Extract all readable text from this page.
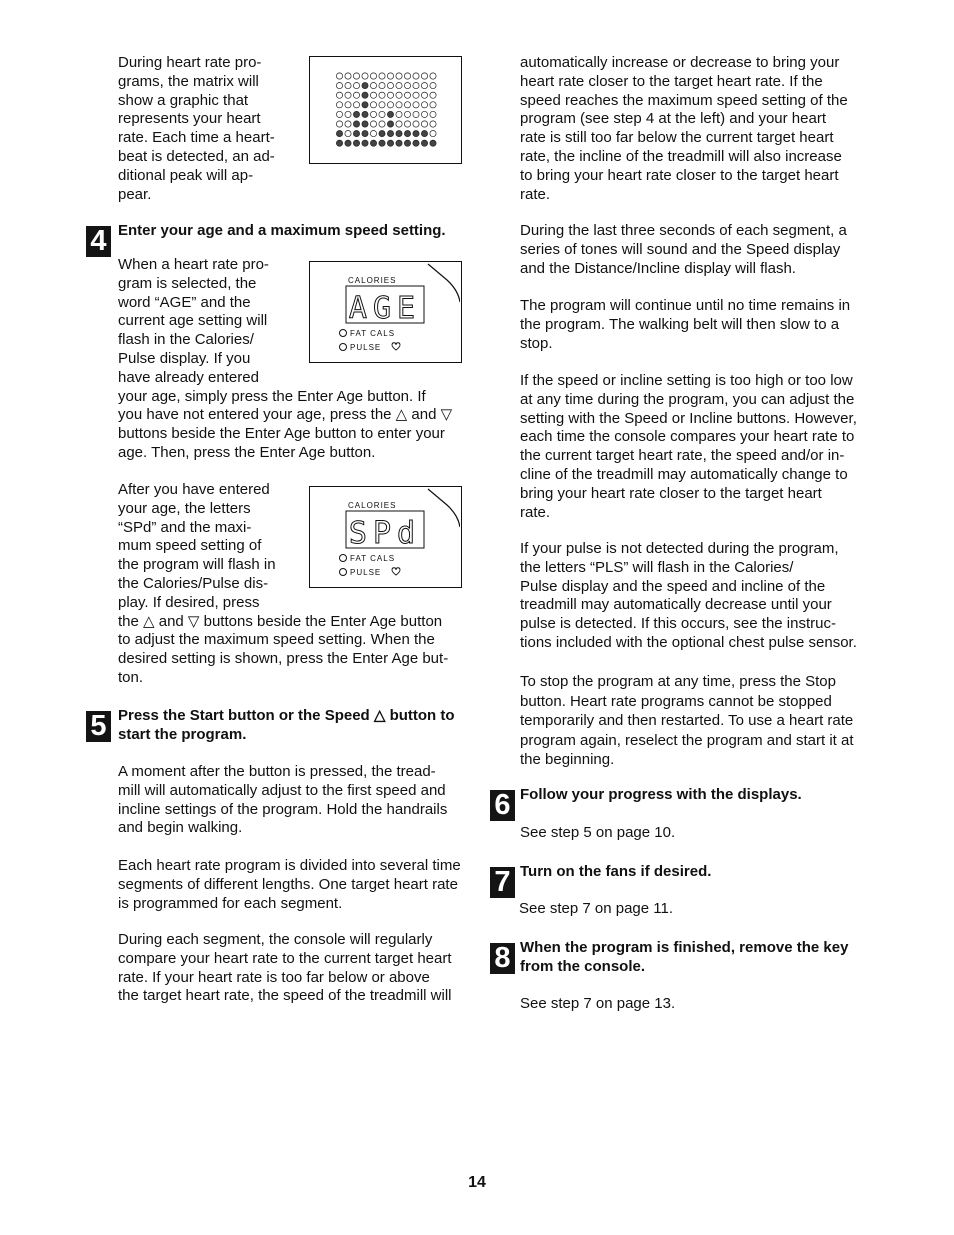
During heart rate pro-
grams, the matrix will
show a graphic that
represents your heart
rate. Each time a heart-
beat is detected, an ad-
ditional peak will ap-
pear.

4 Enter your age and a maximum speed setting.

When a heart rate pro-
gram is selected, the
word “AGE” and the
current age setting will
flash in the Calories/
Pulse display. If you
have already entered
your age, simply press the Enter Age button. If
you have not entered your age, press the △ and ▽
buttons beside the Enter Age button to enter your
age. Then, press the Enter Age button.

CALORIES
AGE
FAT CALS
PULSE

After you have entered
your age, the letters
“SPd” and the maxi-
mum speed setting of
the program will flash in
the Calories/Pulse dis-
play. If desired, press
the △ and ▽ buttons beside the Enter Age button
to adjust the maximum speed setting. When the
desired setting is shown, press the Enter Age but-
ton.

CALORIES
SPd
FAT CALS
PULSE
5 Press the Start button or the Speed △ button to
start the program.

A moment after the button is pressed, the tread-
mill will automatically adjust to the first speed and
incline settings of the program. Hold the handrails
and begin walking.

Each heart rate program is divided into several time
segments of different lengths. One target heart rate
is programmed for each segment.

During each segment, the console will regularly
compare your heart rate to the current target heart
rate. If your heart rate is too far below or above
the target heart rate, the speed of the treadmill will

automatically increase or decrease to bring your
heart rate closer to the target heart rate. If the
speed reaches the maximum speed setting of the
program (see step 4 at the left) and your heart
rate is still too far below the current target heart
rate, the incline of the treadmill will also increase
to bring your heart rate closer to the target heart
rate.

During the last three seconds of each segment, a
series of tones will sound and the Speed display
and the Distance/Incline display will flash.

The program will continue until no time remains in
the program. The walking belt will then slow to a
stop.

If the speed or incline setting is too high or too low
at any time during the program, you can adjust the
setting with the Speed or Incline buttons. However,
each time the console compares your heart rate to
the current target heart rate, the speed and/or in-
cline of the treadmill may automatically change to
bring your heart rate closer to the target heart
rate.

If your pulse is not detected during the program,
the letters “PLS” will flash in the Calories/
Pulse display and the speed and incline of the
treadmill may automatically decrease until your
pulse is detected. If this occurs, see the instruc-
tions included with the optional chest pulse sensor.

To stop the program at any time, press the Stop
button. Heart rate programs cannot be stopped
temporarily and then restarted. To use a heart rate
program again, reselect the program and start it at
the beginning.

6 Follow your progress with the displays.

See step 5 on page 10.

7 Turn on the fans if desired.

See step 7 on page 11.

8 When the program is finished, remove the key
from the console.

See step 7 on page 13.

14
